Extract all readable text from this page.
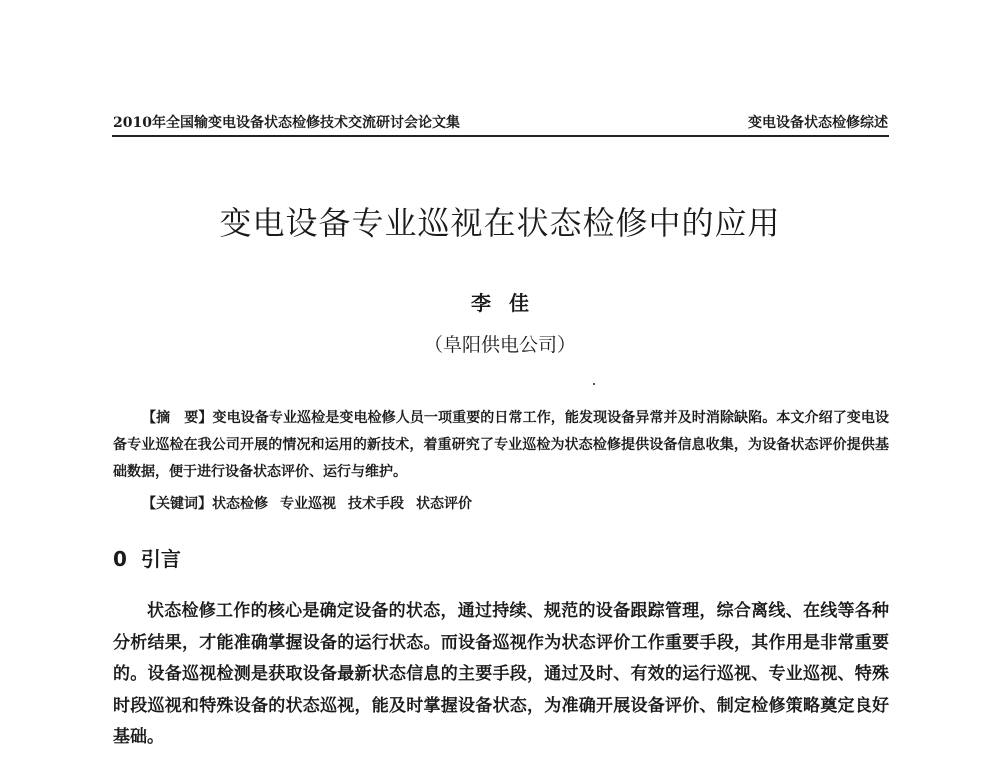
2010年全国输变电设备状态检修技术交流研讨会论文集	变电设备状态检修综述
变电设备专业巡视在状态检修中的应用
李佳
（阜阳供电公司）
【摘　要】变电设备专业巡检是变电检修人员一项重要的日常工作，能发现设备异常并及时消除缺陷。本文介绍了变电设备专业巡检在我公司开展的情况和运用的新技术，着重研究了专业巡检为状态检修提供设备信息收集，为设备状态评价提供基础数据，便于进行设备状态评价、运行与维护。
【关键词】状态检修 专业巡视 技术手段 状态评价
0 引言
状态检修工作的核心是确定设备的状态，通过持续、规范的设备跟踪管理，综合离线、在线等各种分析结果，才能准确掌握设备的运行状态。而设备巡视作为状态评价工作重要手段，其作用是非常重要的。设备巡视检测是获取设备最新状态信息的主要手段，通过及时、有效的运行巡视、专业巡视、特殊时段巡视和特殊设备的状态巡视，能及时掌握设备状态，为准确开展设备评价、制定检修策略奠定良好基础。
